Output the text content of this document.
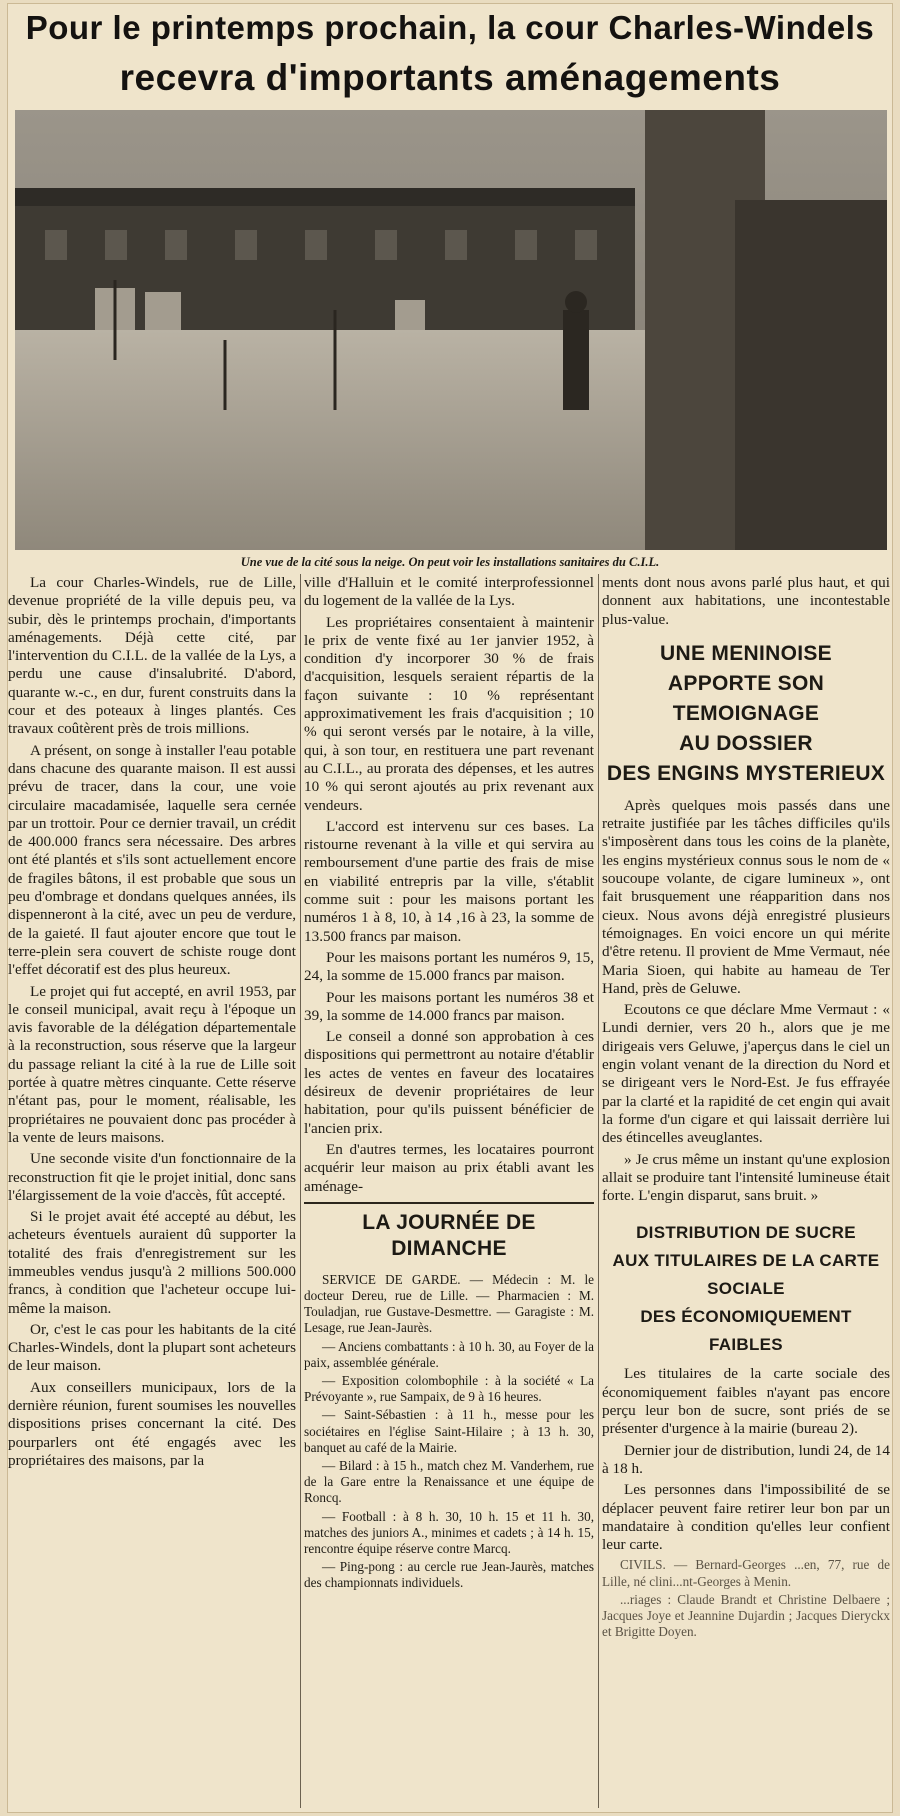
Pour le printemps prochain, la cour Charles-Windels
recevra d'importants aménagements
Une vue de la cité sous la neige. On peut voir les installations sanitaires du C.I.L.

La cour Charles-Windels, rue de Lille, devenue propriété de la ville depuis peu, va subir, dès le printemps prochain, d'importants aménagements. Déjà cette cité, par l'intervention du C.I.L. de la vallée de la Lys, a perdu une cause d'insalubrité. D'abord, quarante w.-c., en dur, furent construits dans la cour et des poteaux à linges plantés. Ces travaux coûtèrent près de trois millions.

A présent, on songe à installer l'eau potable dans chacune des quarante maison. Il est aussi prévu de tracer, dans la cour, une voie circulaire macadamisée, laquelle sera cernée par un trottoir. Pour ce dernier travail, un crédit de 400.000 francs sera nécessaire. Des arbres ont été plantés et s'ils sont actuellement encore de fragiles bâtons, il est probable que sous un peu d'ombrage et dondans quelques années, ils dispenneront à la cité, avec un peu de verdure, de la gaieté. Il faut ajouter encore que tout le terre-plein sera couvert de schiste rouge dont l'effet décoratif est des plus heureux.

Le projet qui fut accepté, en avril 1953, par le conseil municipal, avait reçu à l'époque un avis favorable de la délégation départementale à la reconstruction, sous réserve que la largeur du passage reliant la cité à la rue de Lille soit portée à quatre mètres cinquante. Cette réserve n'étant pas, pour le moment, réalisable, les propriétaires ne pouvaient donc pas procéder à la vente de leurs maisons.

Une seconde visite d'un fonctionnaire de la reconstruction fit qie le projet initial, donc sans l'élargissement de la voie d'accès, fût accepté.

Si le projet avait été accepté au début, les acheteurs éventuels auraient dû supporter la totalité des frais d'enregistrement sur les immeubles vendus jusqu'à 2 millions 500.000 francs, à condition que l'acheteur occupe lui-même la maison.

Or, c'est le cas pour les habitants de la cité Charles-Windels, dont la plupart sont acheteurs de leur maison.

Aux conseillers municipaux, lors de la dernière réunion, furent soumises les nouvelles dispositions prises concernant la cité. Des pourparlers ont été engagés avec les propriétaires des maisons, par la

ville d'Halluin et le comité interprofessionnel du logement de la vallée de la Lys.

Les propriétaires consentaient à maintenir le prix de vente fixé au 1er janvier 1952, à condition d'y incorporer 30 % de frais d'acquisition, lesquels seraient répartis de la façon suivante : 10 % représentant approximativement les frais d'acquisition ; 10 % qui seront versés par le notaire, à la ville, qui, à son tour, en restituera une part revenant au C.I.L., au prorata des dépenses, et les autres 10 % qui seront ajoutés au prix revenant aux vendeurs.

L'accord est intervenu sur ces bases. La ristourne revenant à la ville et qui servira au remboursement d'une partie des frais de mise en viabilité entrepris par la ville, s'établit comme suit : pour les maisons portant les numéros 1 à 8, 10, à 14 ,16 à 23, la somme de 13.500 francs par maison.

Pour les maisons portant les numéros 9, 15, 24, la somme de 15.000 francs par maison.

Pour les maisons portant les numéros 38 et 39, la somme de 14.000 francs par maison.

Le conseil a donné son approbation à ces dispositions qui permettront au notaire d'établir les actes de ventes en faveur des locataires désireux de devenir propriétaires de leur habitation, pour qu'ils puissent bénéficier de l'ancien prix.

En d'autres termes, les locataires pourront acquérir leur maison au prix établi avant les aménage-

LA JOURNÉE DE DIMANCHE

SERVICE DE GARDE. — Médecin : M. le docteur Dereu, rue de Lille. — Pharmacien : M. Touladjan, rue Gustave-Desmettre. — Garagiste : M. Lesage, rue Jean-Jaurès.

— Anciens combattants : à 10 h. 30, au Foyer de la paix, assemblée générale.

— Exposition colombophile : à la société « La Prévoyante », rue Sampaix, de 9 à 16 heures.

— Saint-Sébastien : à 11 h., messe pour les sociétaires en l'église Saint-Hilaire ; à 13 h. 30, banquet au café de la Mairie.

— Bilard : à 15 h., match chez M. Vanderhem, rue de la Gare entre la Renaissance et une équipe de Roncq.

— Football : à 8 h. 30, 10 h. 15 et 11 h. 30, matches des juniors A., minimes et cadets ; à 14 h. 15, rencontre équipe réserve contre Marcq.

— Ping-pong : au cercle rue Jean-Jaurès, matches des championnats individuels.

ments dont nous avons parlé plus haut, et qui donnent aux habitations, une incontestable plus-value.

UNE MENINOISE
APPORTE SON TEMOIGNAGE
AU DOSSIER
DES ENGINS MYSTERIEUX

Après quelques mois passés dans une retraite justifiée par les tâches difficiles qu'ils s'imposèrent dans tous les coins de la planète, les engins mystérieux connus sous le nom de « soucoupe volante, de cigare lumineux », ont fait brusquement une réapparition dans nos cieux. Nous avons déjà enregistré plusieurs témoignages. En voici encore un qui mérite d'être retenu. Il provient de Mme Vermaut, née Maria Sioen, qui habite au hameau de Ter Hand, près de Geluwe.

Ecoutons ce que déclare Mme Vermaut : « Lundi dernier, vers 20 h., alors que je me dirigeais vers Geluwe, j'aperçus dans le ciel un engin volant venant de la direction du Nord et se dirigeant vers le Nord-Est. Je fus effrayée par la clarté et la rapidité de cet engin qui avait la forme d'un cigare et qui laissait derrière lui des étincelles aveuglantes.

» Je crus même un instant qu'une explosion allait se produire tant l'intensité lumineuse était forte. L'engin disparut, sans bruit. »

DISTRIBUTION DE SUCRE
AUX TITULAIRES DE LA CARTE SOCIALE
DES ÉCONOMIQUEMENT FAIBLES

Les titulaires de la carte sociale des économiquement faibles n'ayant pas encore perçu leur bon de sucre, sont priés de se présenter d'urgence à la mairie (bureau 2).

Dernier jour de distribution, lundi 24, de 14 à 18 h.

Les personnes dans l'impossibilité de se déplacer peuvent faire retirer leur bon par un mandataire à condition qu'elles leur confient leur carte.

CIVILS. — Bernard-Georges ...en, 77, rue de Lille, né clini...nt-Georges à Menin.

...riages : Claude Brandt et Christine Delbaere ; Jacques Joye et Jeannine Dujardin ; Jacques Dieryckx et Brigitte Doyen.
